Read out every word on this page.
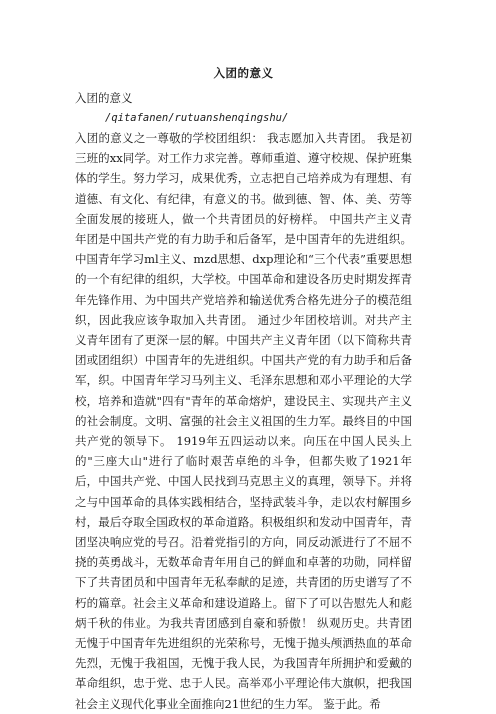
入团的意义

入团的意义

/qitafanen/rutuanshenqingshu/

入团的意义之一尊敬的学校团组织： 我志愿加入共青团。 我是初三班的xx同学。对工作力求完善。尊师重道、遵守校规、保护班集体的学生。努力学习，成果优秀，立志把自己培养成为有理想、有道德、有文化、有纪律，有意义的书。做到德、智、体、美、劳等全面发展的接班人，做一个共青团员的好榜样。 中国共产主义青年团是中国共产党的有力助手和后备军，是中国青年的先进组织。中国青年学习ml主义、mzd思想、dxp理论和“三个代表”重要思想的一个有纪律的组织，大学校。中国革命和建设各历史时期发挥青年先锋作用、为中国共产党培养和输送优秀合格先进分子的模范组织，因此我应该争取加入共青团。 通过少年团校培训。对共产主义青年团有了更深一层的解。中国共产主义青年团（以下简称共青团或团组织）中国青年的先进组织。中国共产党的有力助手和后备军，织。中国青年学习马列主义、毛泽东思想和邓小平理论的大学校，培养和造就"四有"青年的革命熔炉，建设民主、实现共产主义的社会制度。文明、富强的社会主义祖国的生力军。最终目的中国共产党的领导下。 1919年五四运动以来。向压在中国人民头上的"三座大山"进行了临时艰苦卓绝的斗争，但都失败了1921年后，中国共产党、中国人民找到马克思主义的真理，领导下。并将之与中国革命的具体实践相结合，坚持武装斗争，走以农村解围乡村，最后夺取全国政权的革命道路。积极组织和发动中国青年，青团坚决响应党的号召。沿着党指引的方向，同反动派进行了不屈不挠的英勇战斗，无数革命青年用自己的鲜血和卓著的功勋，同样留下了共青团员和中国青年无私奉献的足迹，共青团的历史谱写了不朽的篇章。社会主义革命和建设道路上。留下了可以告慰先人和彪炳千秋的伟业。为我共青团感到自豪和骄傲！ 纵观历史。共青团无愧于中国青年先进组织的光荣称号，无愧于抛头颅洒热血的革命先烈，无愧于我祖国，无愧于我人民，为我国青年所拥护和爱戴的革命组织，忠于党、忠于人民。高举邓小平理论伟大旗帜，把我国社会主义现代化事业全面推向21世纪的生力军。 鉴于此。希
